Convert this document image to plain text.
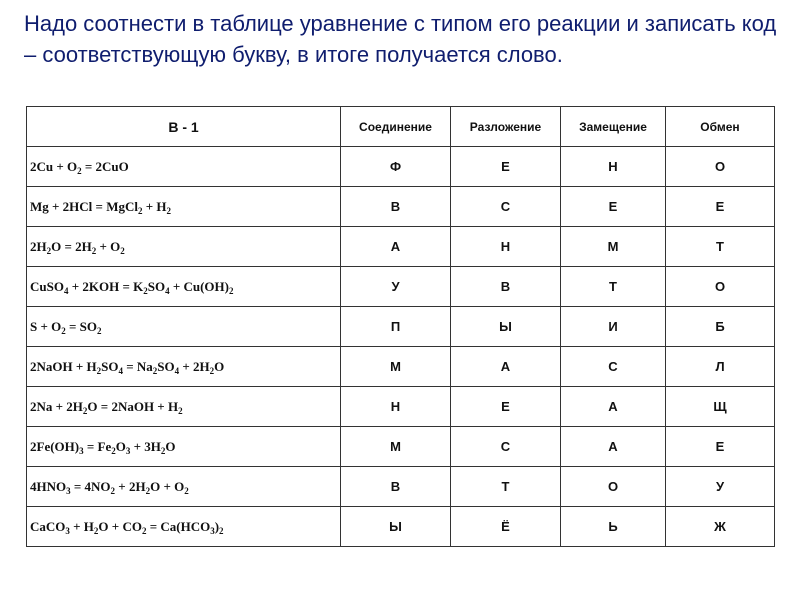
Надо соотнести в таблице уравнение с типом его реакции и записать код – соответствующую букву, в итоге получается слово.

В - 1	Соединение	Разложение	Замещение	Обмен
$2Cu + O_2 = 2CuO$	Ф	Е	Н	О
Mg + 2HCl = MgCl$_2$ + $H_2$	В	С	Е	Е
$2H_2O = 2H_2 + O_2$	А	Н	М	Т
CuSO$_4$ + $2KOH = K_2SO_4 + Cu(OH)_2$	У	В	Т	О
$S + O_2 = SO_2$	П	Ы	И	Б
2NaOH + $H_2SO_4 = Na_2SO_4 + 2H_2O$	М	А	С	Л
$2Na + 2H_2O$ = 2NaOH + $H_2$	Н	Е	А	Щ
$2Fe(OH)_3 = Fe_2O_3 + 3H_2O$	М	С	А	Е
$4HNO_3 = 4NO_2 + 2H_2O + O_2$	В	Т	О	У
CaCO$_3$ + $H_2O + CO_2 = Ca(HCO_3)_2$	Ы	Ё	Ь	Ж
